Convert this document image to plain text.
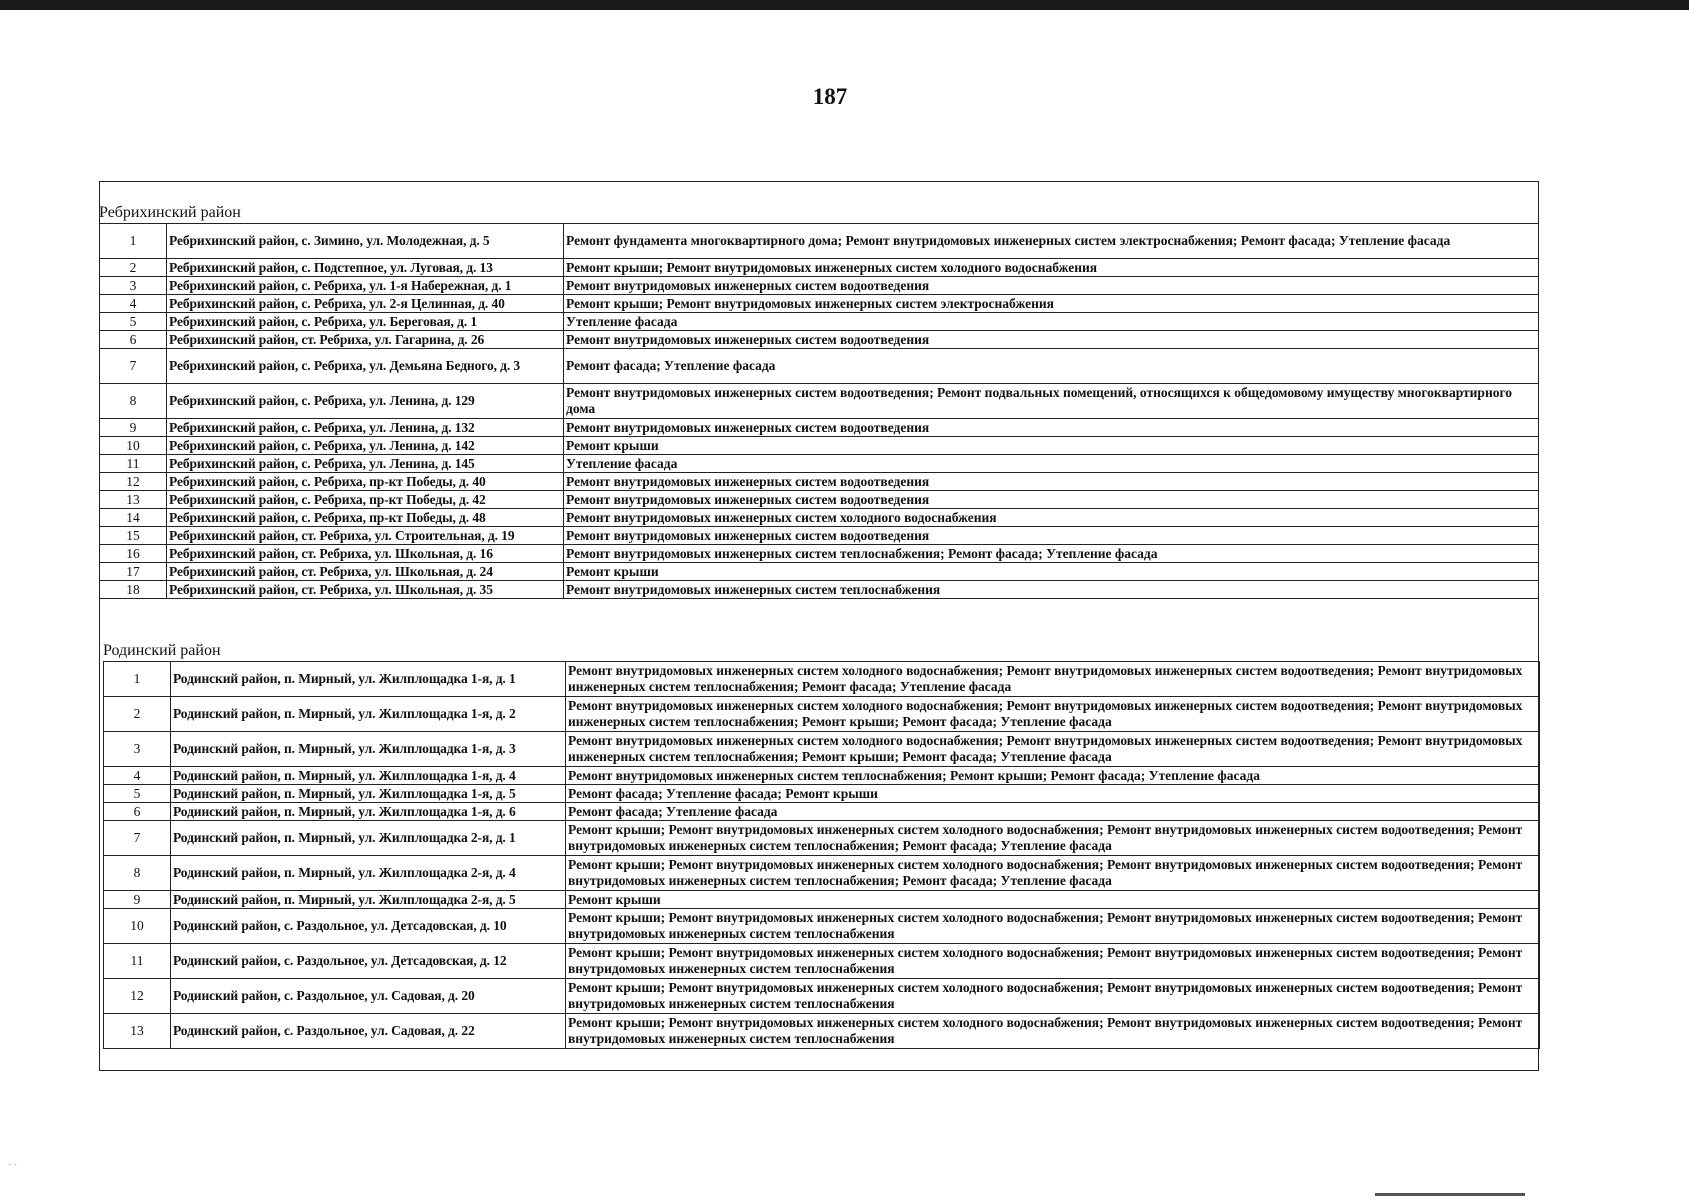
187
Ребрихинский район
1	Ребрихинский район, с. Зимино, ул. Молодежная, д. 5	Ремонт фундамента многоквартирного дома; Ремонт внутридомовых инженерных систем электроснабжения; Ремонт фасада; Утепление фасада
2	Ребрихинский район, с. Подстепное, ул. Луговая, д. 13	Ремонт крыши; Ремонт внутридомовых инженерных систем холодного водоснабжения
3	Ребрихинский район, с. Ребриха, ул. 1-я Набережная, д. 1	Ремонт внутридомовых инженерных систем водоотведения
4	Ребрихинский район, с. Ребриха, ул. 2-я Целинная, д. 40	Ремонт крыши; Ремонт внутридомовых инженерных систем электроснабжения
5	Ребрихинский район, с. Ребриха, ул. Береговая, д. 1	Утепление фасада
6	Ребрихинский район, ст. Ребриха, ул. Гагарина, д. 26	Ремонт внутридомовых инженерных систем водоотведения
7	Ребрихинский район, с. Ребриха, ул. Демьяна Бедного, д. 3	Ремонт фасада; Утепление фасада
8	Ребрихинский район, с. Ребриха, ул. Ленина, д. 129	Ремонт внутридомовых инженерных систем водоотведения; Ремонт подвальных помещений, относящихся к общедомовому имуществу многоквартирного дома
9	Ребрихинский район, с. Ребриха, ул. Ленина, д. 132	Ремонт внутридомовых инженерных систем водоотведения
10	Ребрихинский район, с. Ребриха, ул. Ленина, д. 142	Ремонт крыши
11	Ребрихинский район, с. Ребриха, ул. Ленина, д. 145	Утепление фасада
12	Ребрихинский район, с. Ребриха, пр-кт Победы, д. 40	Ремонт внутридомовых инженерных систем водоотведения
13	Ребрихинский район, с. Ребриха, пр-кт Победы, д. 42	Ремонт внутридомовых инженерных систем водоотведения
14	Ребрихинский район, с. Ребриха, пр-кт Победы, д. 48	Ремонт внутридомовых инженерных систем холодного водоснабжения
15	Ребрихинский район, ст. Ребриха, ул. Строительная, д. 19	Ремонт внутридомовых инженерных систем водоотведения
16	Ребрихинский район, ст. Ребриха, ул. Школьная, д. 16	Ремонт внутридомовых инженерных систем теплоснабжения; Ремонт фасада; Утепление фасада
17	Ребрихинский район, ст. Ребриха, ул. Школьная, д. 24	Ремонт крыши
18	Ребрихинский район, ст. Ребриха, ул. Школьная, д. 35	Ремонт внутридомовых инженерных систем теплоснабжения
Родинский район
1	Родинский район, п. Мирный, ул. Жилплощадка 1-я, д. 1	Ремонт внутридомовых инженерных систем холодного водоснабжения; Ремонт внутридомовых инженерных систем водоотведения; Ремонт внутридомовых инженерных систем теплоснабжения; Ремонт фасада; Утепление фасада
2	Родинский район, п. Мирный, ул. Жилплощадка 1-я, д. 2	Ремонт внутридомовых инженерных систем холодного водоснабжения; Ремонт внутридомовых инженерных систем водоотведения; Ремонт внутридомовых инженерных систем теплоснабжения; Ремонт крыши; Ремонт фасада; Утепление фасада
3	Родинский район, п. Мирный, ул. Жилплощадка 1-я, д. 3	Ремонт внутридомовых инженерных систем холодного водоснабжения; Ремонт внутридомовых инженерных систем водоотведения; Ремонт внутридомовых инженерных систем теплоснабжения; Ремонт крыши; Ремонт фасада; Утепление фасада
4	Родинский район, п. Мирный, ул. Жилплощадка 1-я, д. 4	Ремонт внутридомовых инженерных систем теплоснабжения; Ремонт крыши; Ремонт фасада; Утепление фасада
5	Родинский район, п. Мирный, ул. Жилплощадка 1-я, д. 5	Ремонт фасада; Утепление фасада; Ремонт крыши
6	Родинский район, п. Мирный, ул. Жилплощадка 1-я, д. 6	Ремонт фасада; Утепление фасада
7	Родинский район, п. Мирный, ул. Жилплощадка 2-я, д. 1	Ремонт крыши; Ремонт внутридомовых инженерных систем холодного водоснабжения; Ремонт внутридомовых инженерных систем водоотведения; Ремонт внутридомовых инженерных систем теплоснабжения; Ремонт фасада; Утепление фасада
8	Родинский район, п. Мирный, ул. Жилплощадка 2-я, д. 4	Ремонт крыши; Ремонт внутридомовых инженерных систем холодного водоснабжения; Ремонт внутридомовых инженерных систем водоотведения; Ремонт внутридомовых инженерных систем теплоснабжения; Ремонт фасада; Утепление фасада
9	Родинский район, п. Мирный, ул. Жилплощадка 2-я, д. 5	Ремонт крыши
10	Родинский район, с. Раздольное, ул. Детсадовская, д. 10	Ремонт крыши; Ремонт внутридомовых инженерных систем холодного водоснабжения; Ремонт внутридомовых инженерных систем водоотведения; Ремонт внутридомовых инженерных систем теплоснабжения
11	Родинский район, с. Раздольное, ул. Детсадовская, д. 12	Ремонт крыши; Ремонт внутридомовых инженерных систем холодного водоснабжения; Ремонт внутридомовых инженерных систем водоотведения; Ремонт внутридомовых инженерных систем теплоснабжения
12	Родинский район, с. Раздольное, ул. Садовая, д. 20	Ремонт крыши; Ремонт внутридомовых инженерных систем холодного водоснабжения; Ремонт внутридомовых инженерных систем водоотведения; Ремонт внутридомовых инженерных систем теплоснабжения
13	Родинский район, с. Раздольное, ул. Садовая, д. 22	Ремонт крыши; Ремонт внутридомовых инженерных систем холодного водоснабжения; Ремонт внутридомовых инженерных систем водоотведения; Ремонт внутридомовых инженерных систем теплоснабжения
· ·
